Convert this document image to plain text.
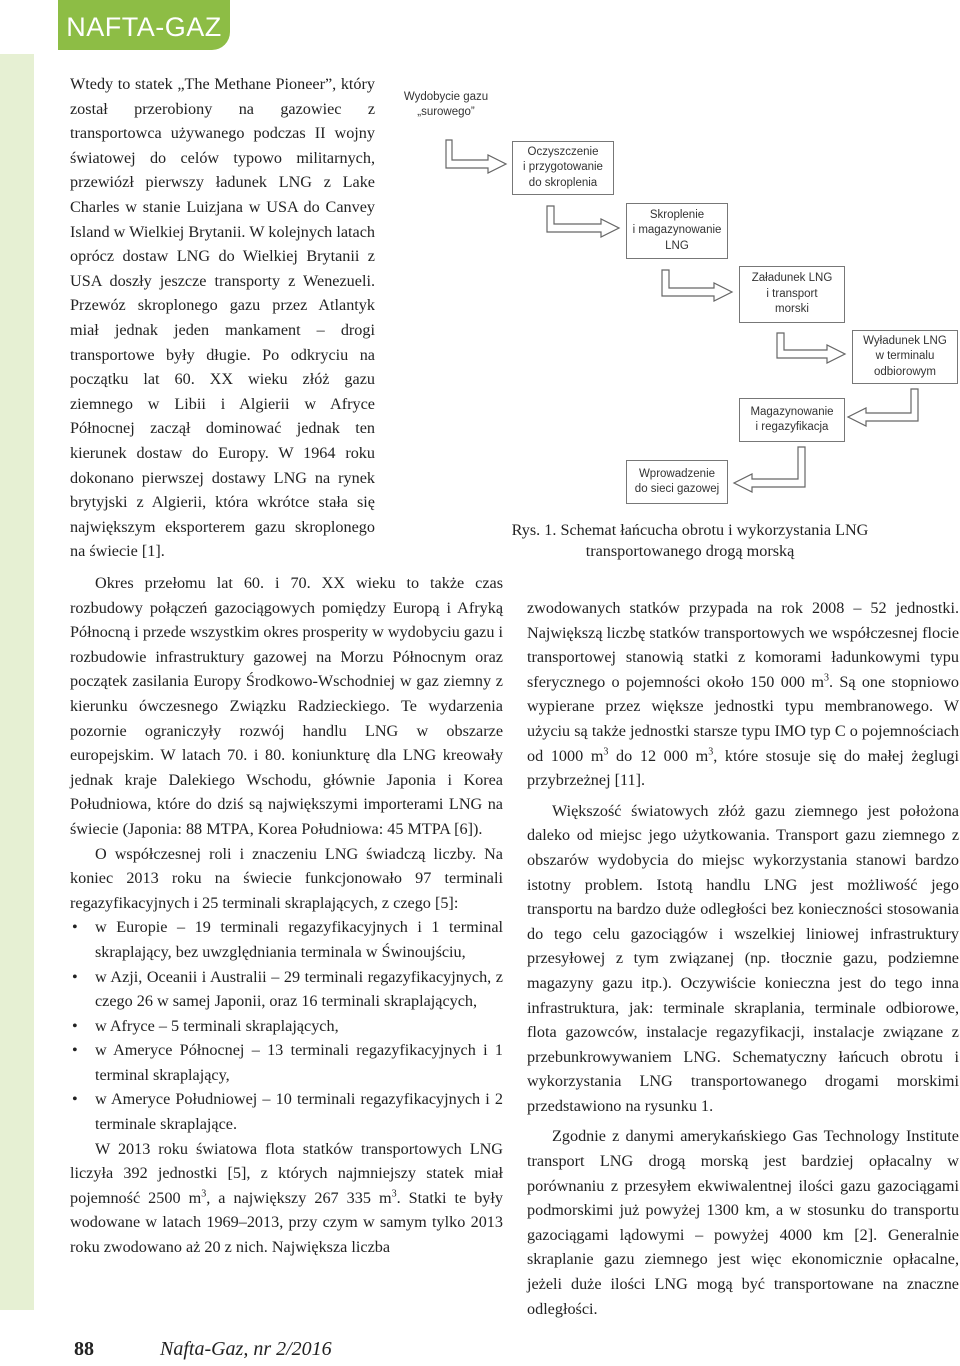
NAFTA-GAZ

Wtedy to statek „The Methane Pioneer”, który został przerobiony na gazowiec z transportowca używanego podczas II wojny światowej do celów typowo militarnych, przewiózł pierwszy ładunek LNG z Lake Charles w stanie Luizjana w USA do Canvey Island w Wielkiej Brytanii. W kolejnych latach oprócz dostaw LNG do Wielkiej Brytanii z USA doszły jeszcze transporty z Wenezueli. Przewóz skroplonego gazu przez Atlantyk miał jednak jeden mankament – drogi transportowe były długie. Po odkryciu na początku lat 60. XX wieku złóż gazu ziemnego w Libii i Algierii w Afryce Północnej zaczął dominować jednak ten kierunek dostaw do Europy. W 1964 roku dokonano pierwszej dostawy LNG na rynek brytyjski z Algierii, która wkrótce stała się największym eksporterem gazu skroplonego na świecie [1].

Wydobycie gazu
„surowego”
Oczyszczenie
i przygotowanie
do skroplenia
Skroplenie
i magazynowanie
LNG
Załadunek LNG
i transport
morski
Wyładunek LNG
w terminalu
odbiorowym
Magazynowanie
i regazyfikacja
Wprowadzenie
do sieci gazowej
Rys. 1. Schemat łańcucha obrotu i wykorzystania LNG
transportowanego drogą morską

Okres przełomu lat 60. i 70. XX wieku to także czas rozbudowy połączeń gazociągowych pomiędzy Europą i Afryką Północną i przede wszystkim okres prosperity w wydobyciu gazu i rozbudowie infrastruktury gazowej na Morzu Północnym oraz początek zasilania Europy Środkowo-Wschodniej w gaz ziemny z kierunku ówczesnego Związku Radzieckiego. Te wydarzenia pozornie ograniczyły rozwój handlu LNG w obszarze europejskim. W latach 70. i 80. koniunkturę dla LNG kreowały jednak kraje Dalekiego Wschodu, głównie Japonia i Korea Południowa, które do dziś są największymi importerami LNG na świecie (Japonia: 88 MTPA, Korea Południowa: 45 MTPA [6]).

O współczesnej roli i znaczeniu LNG świadczą liczby. Na koniec 2013 roku na świecie funkcjonowało 97 terminali regazyfikacyjnych i 25 terminali skraplających, z czego [5]:

• w Europie – 19 terminali regazyfikacyjnych i 1 terminal skraplający, bez uwzględniania terminala w Świnoujściu,
• w Azji, Oceanii i Australii – 29 terminali regazyfikacyjnych, z czego 26 w samej Japonii, oraz 16 terminali skraplających,
• w Afryce – 5 terminali skraplających,
• w Ameryce Północnej – 13 terminali regazyfikacyjnych i 1 terminal skraplający,
• w Ameryce Południowej – 10 terminali regazyfikacyjnych i 2 terminale skraplające.

W 2013 roku światowa flota statków transportowych LNG liczyła 392 jednostki [5], z których najmniejszy statek miał pojemność 2500 $m^3$, a największy 267 335 $m^3$. Statki te były wodowane w latach 1969–2013, przy czym w samym tylko 2013 roku zwodowano aż 20 z nich. Największa liczba

zwodowanych statków przypada na rok 2008 – 52 jednostki. Największą liczbę statków transportowych we współczesnej flocie transportowej stanowią statki z komorami ładunkowymi typu sferycznego o pojemności około 150 000 $m^3$. Są one stopniowo wypierane przez większe jednostki typu membranowego. W użyciu są także jednostki starsze typu IMO typ C o pojemnościach od 1000 $m^3$ do 12 000 $m^3$, które stosuje się do małej żeglugi przybrzeżnej [11].

Większość światowych złóż gazu ziemnego jest położona daleko od miejsc jego użytkowania. Transport gazu ziemnego z obszarów wydobycia do miejsc wykorzystania stanowi bardzo istotny problem. Istotą handlu LNG jest możliwość jego transportu na bardzo duże odległości bez konieczności stosowania do tego celu gazociągów i wszelkiej liniowej infrastruktury przesyłowej z tym związanej (np. tłocznie gazu, podziemne magazyny gazu itp.). Oczywiście konieczna jest do tego inna infrastruktura, jak: terminale skraplania, terminale odbiorowe, flota gazowców, instalacje regazyfikacji, instalacje związane z przebunkrowywaniem LNG. Schematyczny łańcuch obrotu i wykorzystania LNG transportowanego drogami morskimi przedstawiono na rysunku 1.

Zgodnie z danymi amerykańskiego Gas Technology Institute transport LNG drogą morską jest bardziej opłacalny w porównaniu z przesyłem ekwiwalentnej ilości gazu gazociągami podmorskimi już powyżej 1300 km, a w stosunku do transportu gazociągami lądowymi – powyżej 4000 km [2]. Generalnie skraplanie gazu ziemnego jest więc ekonomicznie opłacalne, jeżeli duże ilości LNG mogą być transportowane na znaczne odległości.

88	Nafta-Gaz, nr 2/2016
